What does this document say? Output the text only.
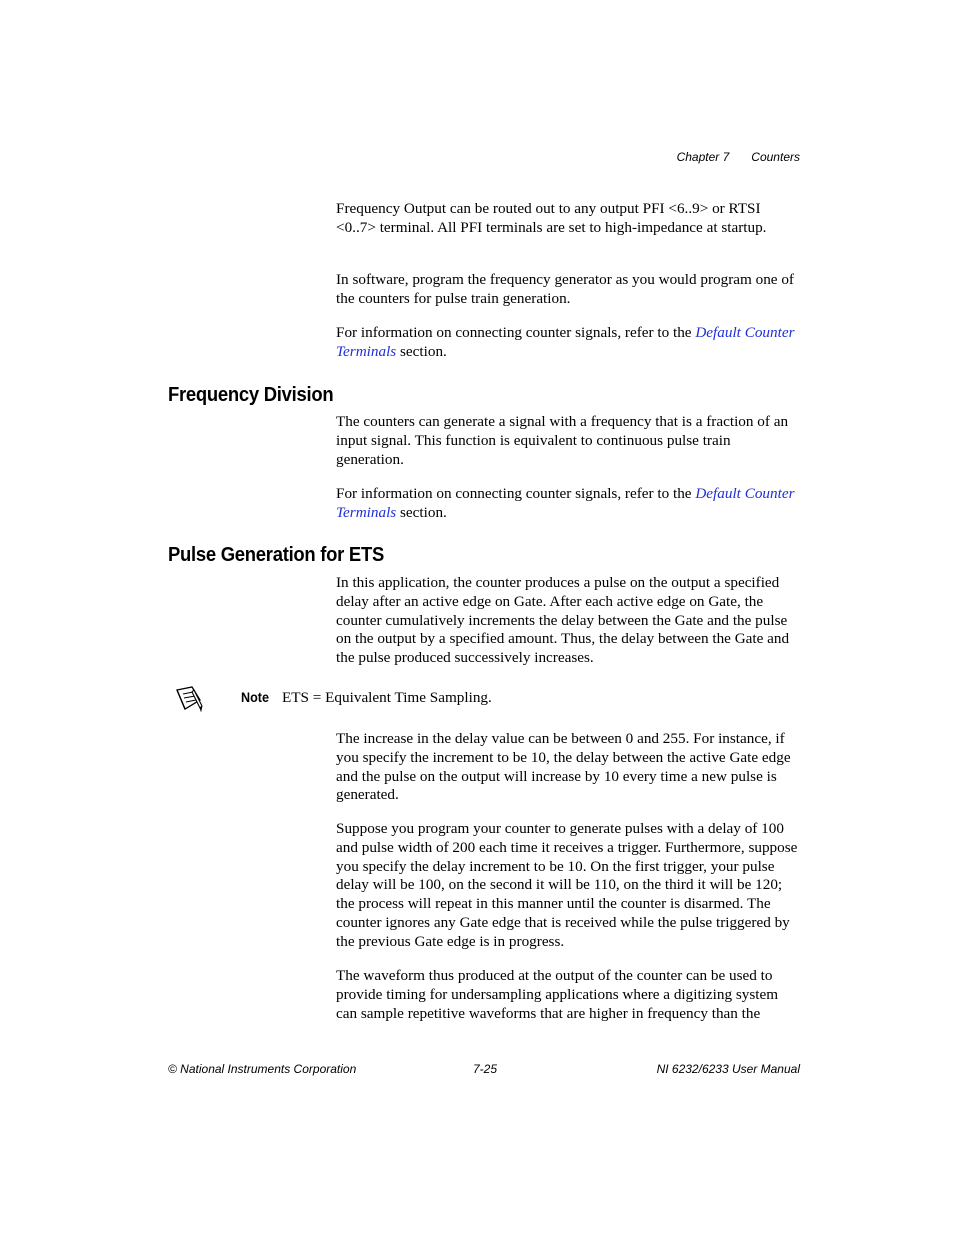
Chapter 7 Counters

Frequency Output can be routed out to any output PFI <6..9> or RTSI <0..7> terminal. All PFI terminals are set to high-impedance at startup.

In software, program the frequency generator as you would program one of the counters for pulse train generation.

For information on connecting counter signals, refer to the Default Counter Terminals section.

Frequency Division

The counters can generate a signal with a frequency that is a fraction of an input signal. This function is equivalent to continuous pulse train generation.

For information on connecting counter signals, refer to the Default Counter Terminals section.

Pulse Generation for ETS

In this application, the counter produces a pulse on the output a specified delay after an active edge on Gate. After each active edge on Gate, the counter cumulatively increments the delay between the Gate and the pulse on the output by a specified amount. Thus, the delay between the Gate and the pulse produced successively increases.

Note ETS = Equivalent Time Sampling.

The increase in the delay value can be between 0 and 255. For instance, if you specify the increment to be 10, the delay between the active Gate edge and the pulse on the output will increase by 10 every time a new pulse is generated.

Suppose you program your counter to generate pulses with a delay of 100 and pulse width of 200 each time it receives a trigger. Furthermore, suppose you specify the delay increment to be 10. On the first trigger, your pulse delay will be 100, on the second it will be 110, on the third it will be 120; the process will repeat in this manner until the counter is disarmed. The counter ignores any Gate edge that is received while the pulse triggered by the previous Gate edge is in progress.

The waveform thus produced at the output of the counter can be used to provide timing for undersampling applications where a digitizing system can sample repetitive waveforms that are higher in frequency than the

© National Instruments Corporation	7-25	NI 6232/6233 User Manual
